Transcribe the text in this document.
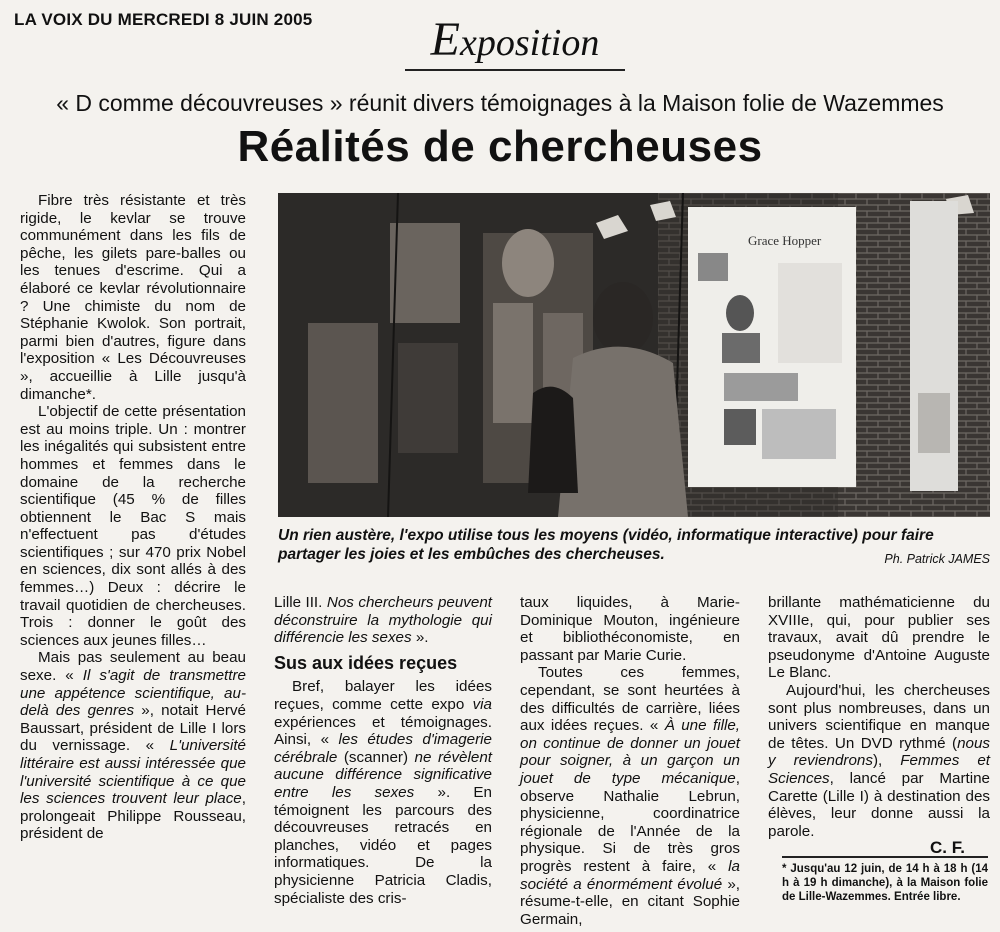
LA VOIX DU MERCREDI 8 JUIN 2005	Exposition
« D comme découvreuses » réunit divers témoignages à la Maison folie de Wazemmes
Réalités de chercheuses

Fibre très résistante et très rigide, le kevlar se trouve communément dans les fils de pêche, les gilets pare-balles ou les tenues d'escrime. Qui a élaboré ce kevlar révolutionnaire ? Une chimiste du nom de Stéphanie Kwolok. Son portrait, parmi bien d'autres, figure dans l'exposition « Les Découvreuses », accueillie à Lille jusqu'à dimanche*.

L'objectif de cette présentation est au moins triple. Un : montrer les inégalités qui subsistent entre hommes et femmes dans le domaine de la recherche scientifique (45 % de filles obtiennent le Bac S mais n'effectuent pas d'études scientifiques ; sur 470 prix Nobel en sciences, dix sont allés à des femmes…) Deux : décrire le travail quotidien de chercheuses. Trois : donner le goût des sciences aux jeunes filles…

Mais pas seulement au beau sexe. « Il s'agit de transmettre une appétence scientifique, au-delà des genres », notait Hervé Baussart, président de Lille I lors du vernissage. « L'université littéraire est aussi intéressée que l'université scientifique à ce que les sciences trouvent leur place, prolongeait Philippe Rousseau, président de

Grace Hopper
Un rien austère, l'expo utilise tous les moyens (vidéo, informatique interactive) pour faire partager les joies et les embûches des chercheuses.	Ph. Patrick JAMES

Lille III. Nos chercheurs peuvent déconstruire la mythologie qui différencie les sexes ».

Sus aux idées reçues

Bref, balayer les idées reçues, comme cette expo via expériences et témoignages. Ainsi, « les études d'imagerie cérébrale (scanner) ne révèlent aucune différence significative entre les sexes ». En témoignent les parcours des découvreuses retracés en planches, vidéo et pages informatiques. De la physicienne Patricia Cladis, spécialiste des cris-

taux liquides, à Marie-Dominique Mouton, ingénieure et bibliothéconomiste, en passant par Marie Curie.

Toutes ces femmes, cependant, se sont heurtées à des difficultés de carrière, liées aux idées reçues. « À une fille, on continue de donner un jouet pour soigner, à un garçon un jouet de type mécanique, observe Nathalie Lebrun, physicienne, coordinatrice régionale de l'Année de la physique. Si de très gros progrès restent à faire, « la société a énormément évolué », résume-t-elle, en citant Sophie Germain,

brillante mathématicienne du XVIIIe, qui, pour publier ses travaux, avait dû prendre le pseudonyme d'Antoine Auguste Le Blanc.

Aujourd'hui, les chercheuses sont plus nombreuses, dans un univers scientifique en manque de têtes. Un DVD rythmé (nous y reviendrons), Femmes et Sciences, lancé par Martine Carette (Lille I) à destination des élèves, leur donne aussi la parole.

C. F.
* Jusqu'au 12 juin, de 14 h à 18 h (14 h à 19 h dimanche), à la Maison folie de Lille-Wazemmes. Entrée libre.
